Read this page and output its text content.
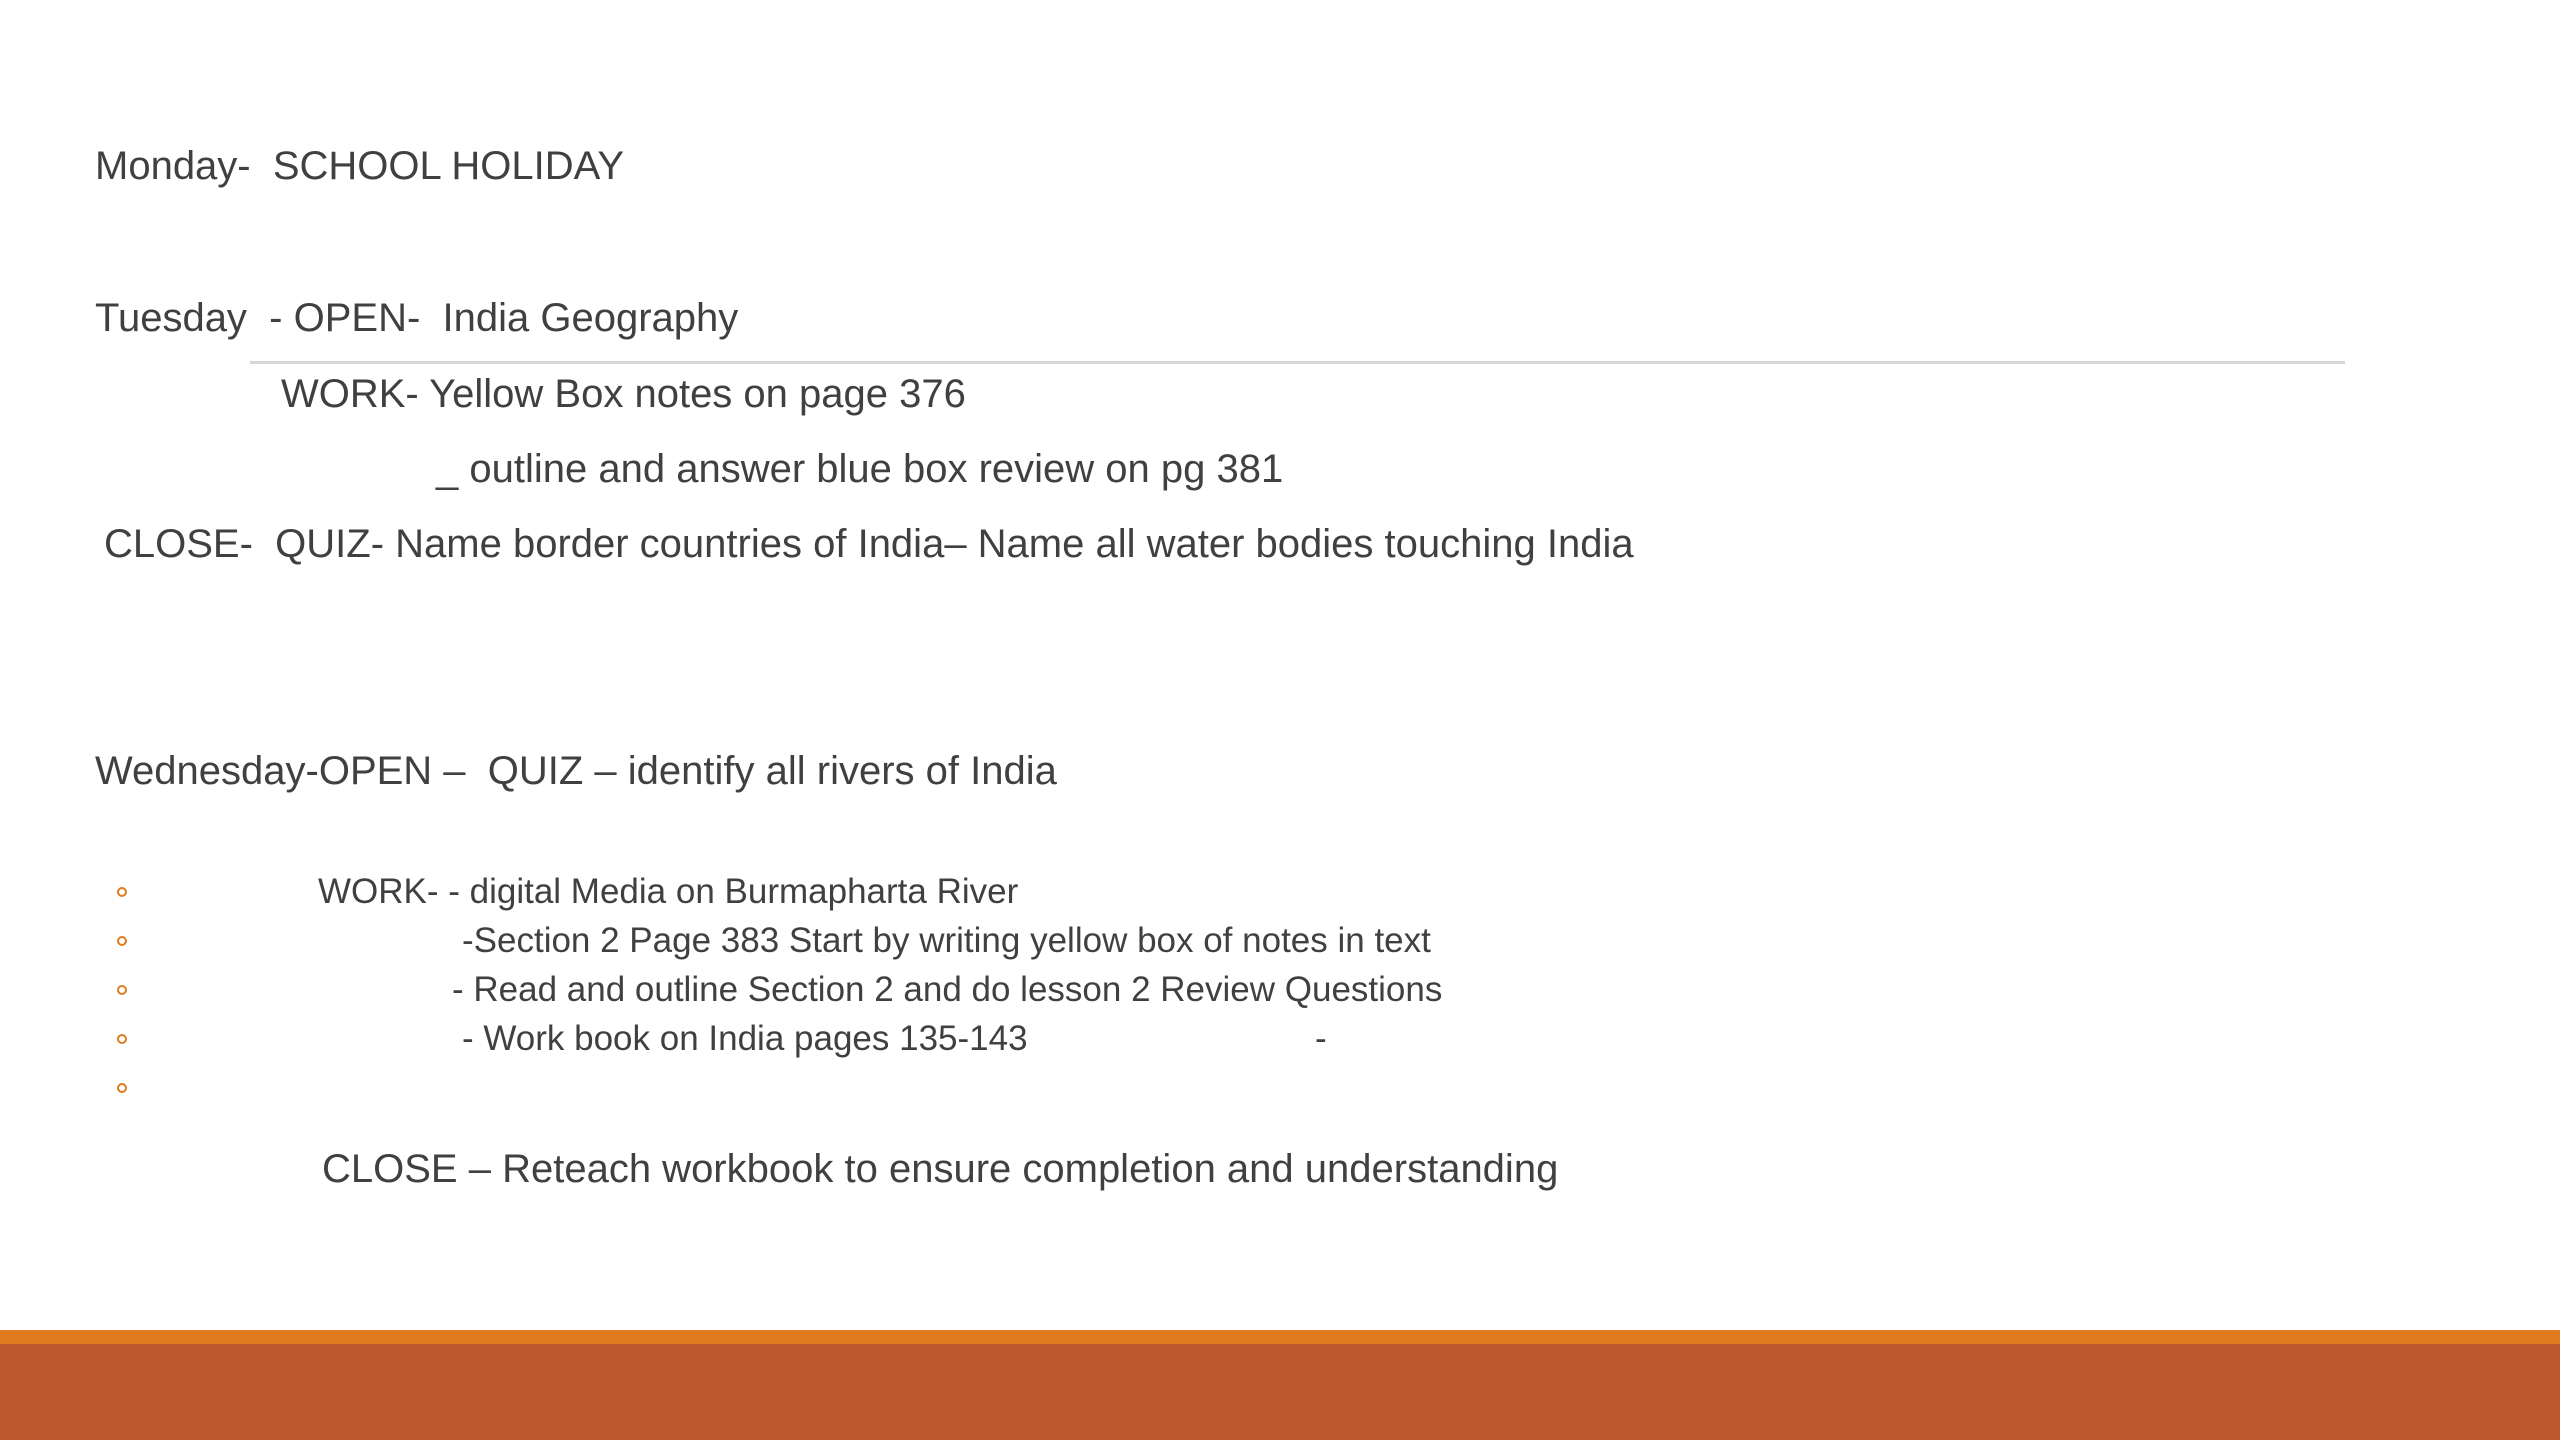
Monday-  SCHOOL HOLIDAY
Tuesday  - OPEN-  India Geography
WORK- Yellow Box notes on page 376
_ outline and answer blue box review on pg 381
CLOSE-  QUIZ- Name border countries of India– Name all water bodies touching India
Wednesday-OPEN –  QUIZ – identify all rivers of India
WORK- - digital Media on Burmapharta River
-Section 2 Page 383 Start by writing yellow box of notes in text
- Read and outline Section 2 and do lesson 2 Review Questions
- Work book on India pages 135-143	-
CLOSE – Reteach workbook to ensure completion and understanding
